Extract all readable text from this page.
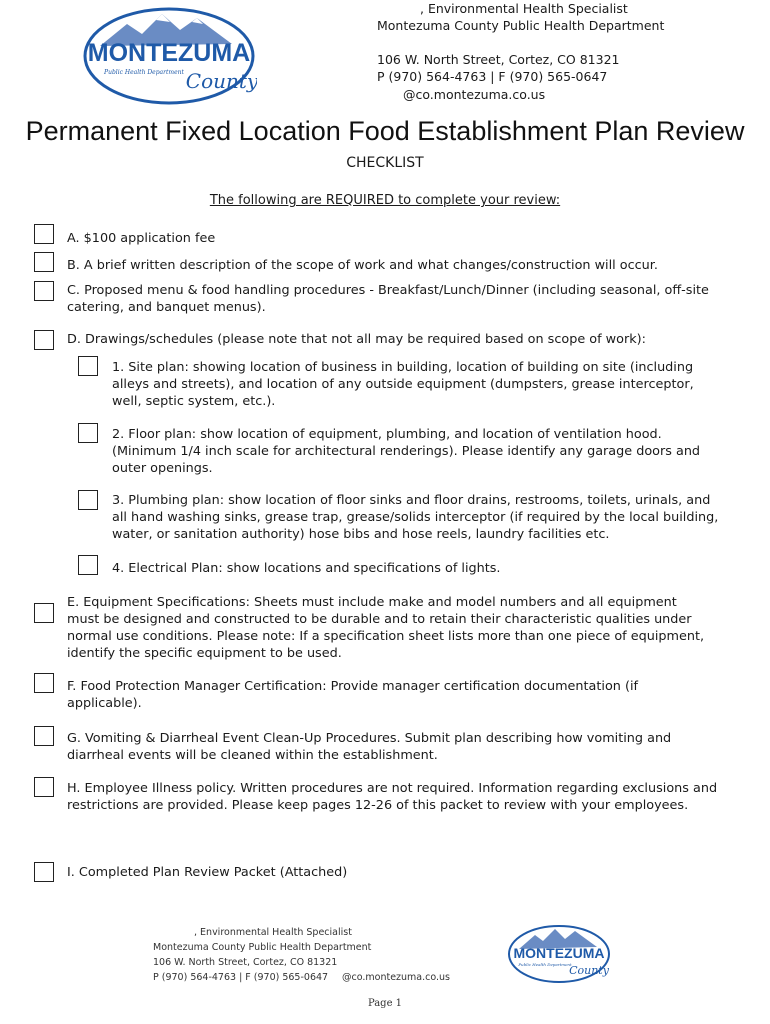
MONTEZUMA
County
Public Health Department
, Environmental Health Specialist
Montezuma County Public Health Department
106 W. North Street, Cortez, CO 81321
P (970) 564-4763 | F (970) 565-0647
@co.montezuma.co.us
Permanent Fixed Location Food Establishment Plan Review
CHECKLIST
The following are REQUIRED to complete your review:
A. $100 application fee
B. A brief written description of the scope of work and what changes/construction will occur.
C. Proposed menu & food handling procedures - Breakfast/Lunch/Dinner (including seasonal, off-site catering, and banquet menus).
D. Drawings/schedules (please note that not all may be required based on scope of work):
1. Site plan: showing location of business in building, location of building on site (including alleys and streets), and location of any outside equipment (dumpsters, grease interceptor, well, septic system, etc.).
2. Floor plan: show location of equipment, plumbing, and location of ventilation hood. (Minimum 1/4 inch scale for architectural renderings). Please identify any garage doors and outer openings.
3. Plumbing plan: show location of floor sinks and floor drains, restrooms, toilets, urinals, and all hand washing sinks, grease trap, grease/solids interceptor (if required by the local building, water, or sanitation authority) hose bibs and hose reels, laundry facilities etc.
4. Electrical Plan: show locations and specifications of lights.
E. Equipment Specifications: Sheets must include make and model numbers and all equipment must be designed and constructed to be durable and to retain their characteristic qualities under normal use conditions. Please note: If a specification sheet lists more than one piece of equipment, identify the specific equipment to be used.
F. Food Protection Manager Certification: Provide manager certification documentation (if applicable).
G. Vomiting & Diarrheal Event Clean-Up Procedures. Submit plan describing how vomiting and diarrheal events will be cleaned within the establishment.
H. Employee Illness policy. Written procedures are not required. Information regarding exclusions and restrictions are provided. Please keep pages 12-26 of this packet to review with your employees.
I. Completed Plan Review Packet (Attached)
, Environmental Health Specialist
Montezuma County Public Health Department
106 W. North Street, Cortez, CO 81321
P (970) 564-4763 | F (970) 565-0647 @co.montezuma.co.us
MONTEZUMA
County
Public Health Department
Page 1
